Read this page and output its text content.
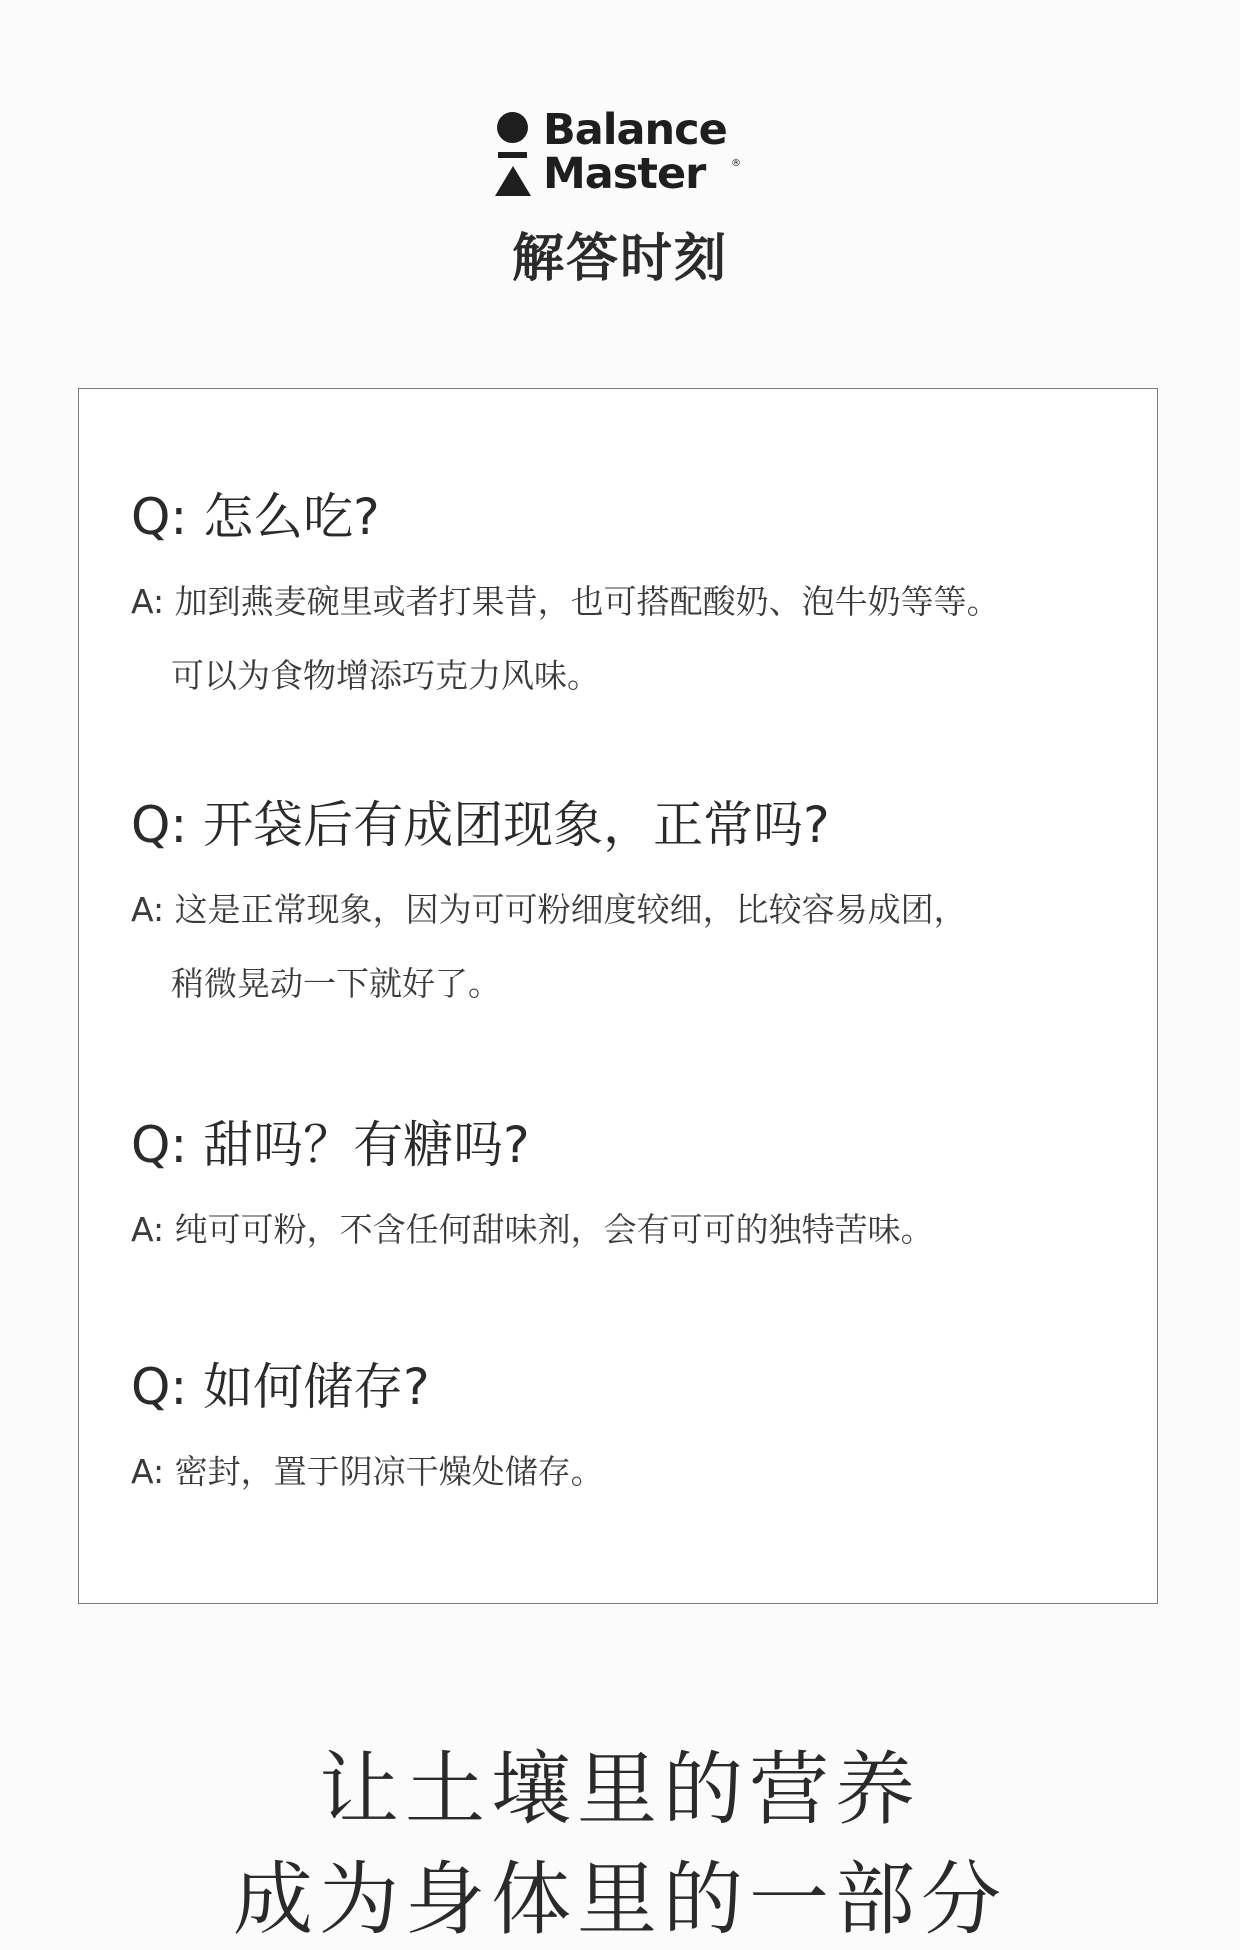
Balance
Master	®
解答时刻
Q: 怎么吃?
A: 加到燕麦碗里或者打果昔，也可搭配酸奶、泡牛奶等等。
可以为食物增添巧克力风味。
Q: 开袋后有成团现象，正常吗?
A: 这是正常现象，因为可可粉细度较细，比较容易成团，
稍微晃动一下就好了。
Q: 甜吗？有糖吗?
A: 纯可可粉，不含任何甜味剂，会有可可的独特苦味。
Q: 如何储存?
A: 密封，置于阴凉干燥处储存。
让土壤里的营养
成为身体里的一部分
